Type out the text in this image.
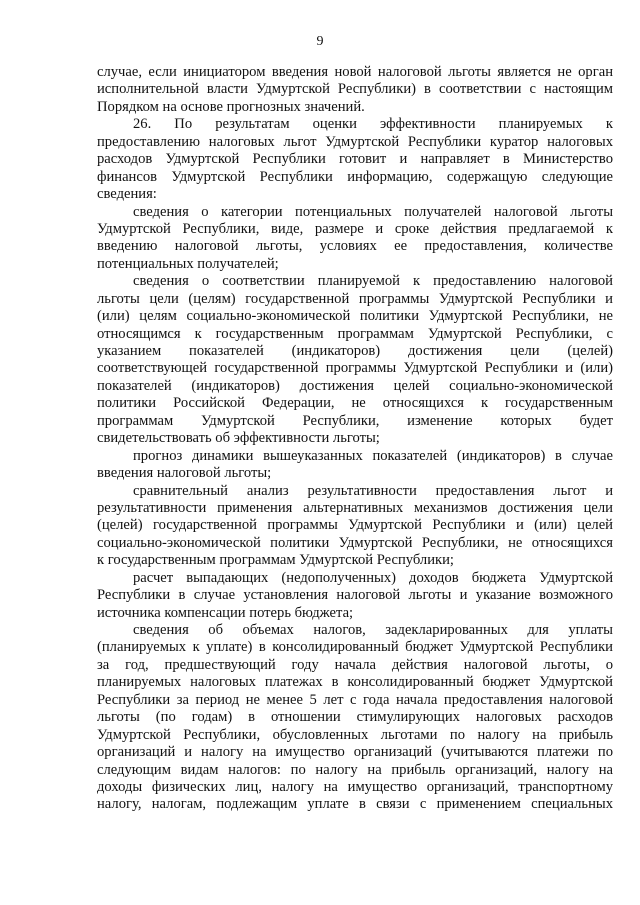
9
случае, если инициатором введения новой налоговой льготы является не орган
исполнительной власти Удмуртской Республики) в соответствии с настоящим
Порядком на основе прогнозных значений.
26. По результатам оценки эффективности планируемых к
предоставлению налоговых льгот Удмуртской Республики куратор налоговых
расходов Удмуртской Республики готовит и направляет в Министерство
финансов Удмуртской Республики информацию, содержащую следующие
сведения:
сведения о категории потенциальных получателей налоговой льготы
Удмуртской Республики, виде, размере и сроке действия предлагаемой к
введению налоговой льготы, условиях ее предоставления, количестве
потенциальных получателей;
сведения о соответствии планируемой к предоставлению налоговой
льготы цели (целям) государственной программы Удмуртской Республики и
(или) целям социально-экономической политики Удмуртской Республики, не
относящимся к государственным программам Удмуртской Республики, с
указанием показателей (индикаторов) достижения цели (целей)
соответствующей государственной программы Удмуртской Республики и (или)
показателей (индикаторов) достижения целей социально-экономической
политики Российской Федерации, не относящихся к государственным
программам Удмуртской Республики, изменение которых будет
свидетельствовать об эффективности льготы;
прогноз динамики вышеуказанных показателей (индикаторов) в случае
введения налоговой льготы;
сравнительный анализ результативности предоставления льгот и
результативности применения альтернативных механизмов достижения цели
(целей) государственной программы Удмуртской Республики и (или) целей
социально-экономической политики Удмуртской Республики, не относящихся
к государственным программам Удмуртской Республики;
расчет выпадающих (недополученных) доходов бюджета Удмуртской
Республики в случае установления налоговой льготы и указание возможного
источника компенсации потерь бюджета;
сведения об объемах налогов, задекларированных для уплаты
(планируемых к уплате) в консолидированный бюджет Удмуртской Республики
за год, предшествующий году начала действия налоговой льготы, о
планируемых налоговых платежах в консолидированный бюджет Удмуртской
Республики за период не менее 5 лет с года начала предоставления налоговой
льготы (по годам) в отношении стимулирующих налоговых расходов
Удмуртской Республики, обусловленных льготами по налогу на прибыль
организаций и налогу на имущество организаций (учитываются платежи по
следующим видам налогов: по налогу на прибыль организаций, налогу на
доходы физических лиц, налогу на имущество организаций, транспортному
налогу, налогам, подлежащим уплате в связи с применением специальных
